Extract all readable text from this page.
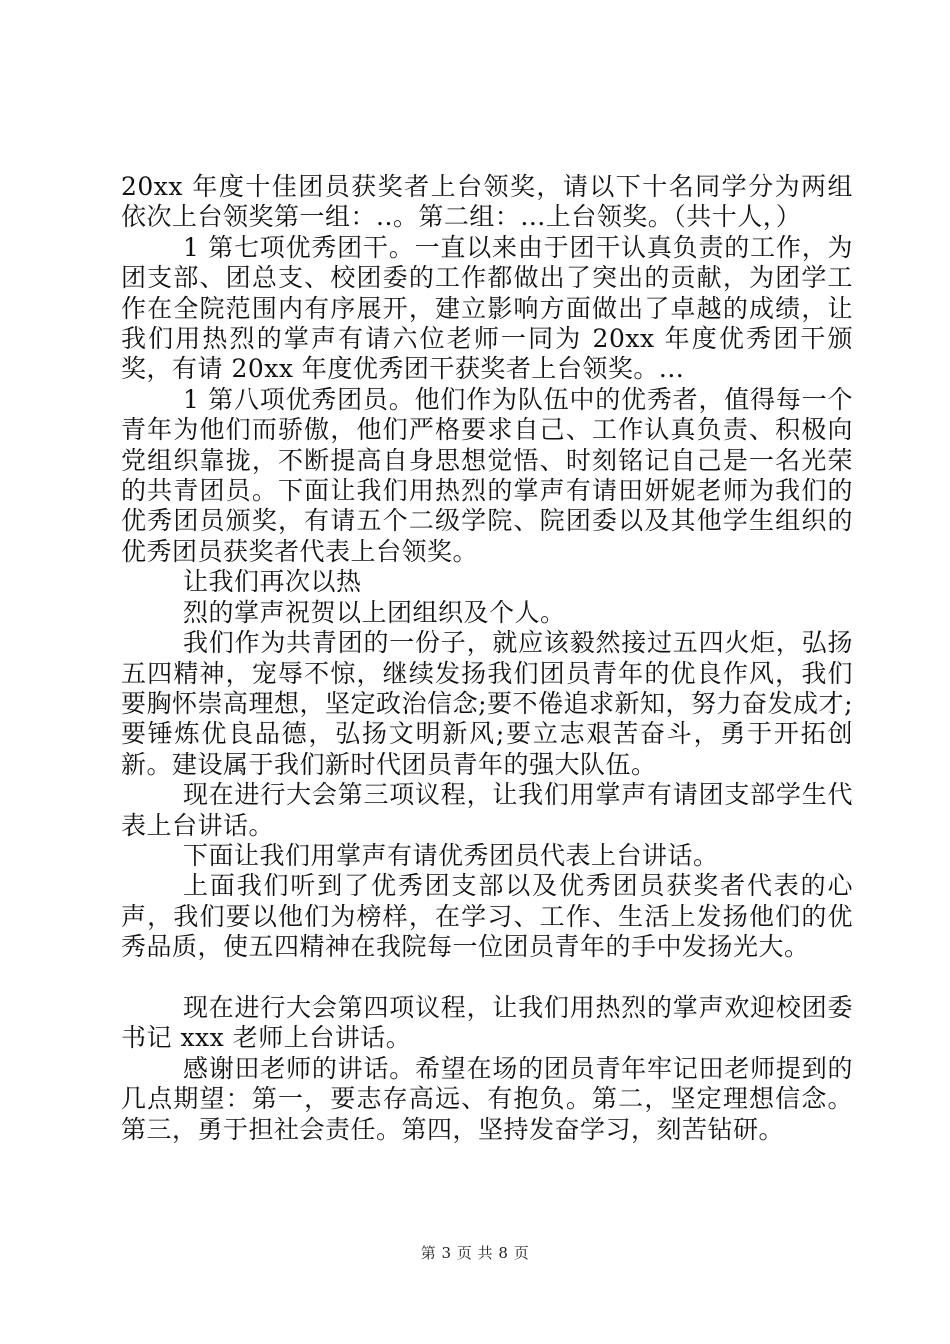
20xx 年度十佳团员获奖者上台领奖，请以下十名同学分为两组依次上台领奖第一组：..。第二组：...上台领奖。（共十人，）

1 第七项优秀团干。一直以来由于团干认真负责的工作，为团支部、团总支、校团委的工作都做出了突出的贡献，为团学工作在全院范围内有序展开，建立影响方面做出了卓越的成绩，让我们用热烈的掌声有请六位老师一同为 20xx 年度优秀团干颁奖，有请 20xx 年度优秀团干获奖者上台领奖。...

1 第八项优秀团员。他们作为队伍中的优秀者，值得每一个青年为他们而骄傲，他们严格要求自己、工作认真负责、积极向党组织靠拢，不断提高自身思想觉悟、时刻铭记自己是一名光荣的共青团员。下面让我们用热烈的掌声有请田妍妮老师为我们的优秀团员颁奖，有请五个二级学院、院团委以及其他学生组织的优秀团员获奖者代表上台领奖。

让我们再次以热

烈的掌声祝贺以上团组织及个人。

我们作为共青团的一份子，就应该毅然接过五四火炬，弘扬五四精神，宠辱不惊，继续发扬我们团员青年的优良作风，我们要胸怀崇高理想，坚定政治信念;要不倦追求新知，努力奋发成才;要锤炼优良品德，弘扬文明新风;要立志艰苦奋斗，勇于开拓创新。建设属于我们新时代团员青年的强大队伍。

现在进行大会第三项议程，让我们用掌声有请团支部学生代表上台讲话。

下面让我们用掌声有请优秀团员代表上台讲话。

上面我们听到了优秀团支部以及优秀团员获奖者代表的心声，我们要以他们为榜样，在学习、工作、生活上发扬他们的优秀品质，使五四精神在我院每一位团员青年的手中发扬光大。

现在进行大会第四项议程，让我们用热烈的掌声欢迎校团委书记 xxx 老师上台讲话。

感谢田老师的讲话。希望在场的团员青年牢记田老师提到的几点期望：第一，要志存高远、有抱负。第二，坚定理想信念。第三，勇于担社会责任。第四，坚持发奋学习，刻苦钻研。

第 3 页 共 8 页
